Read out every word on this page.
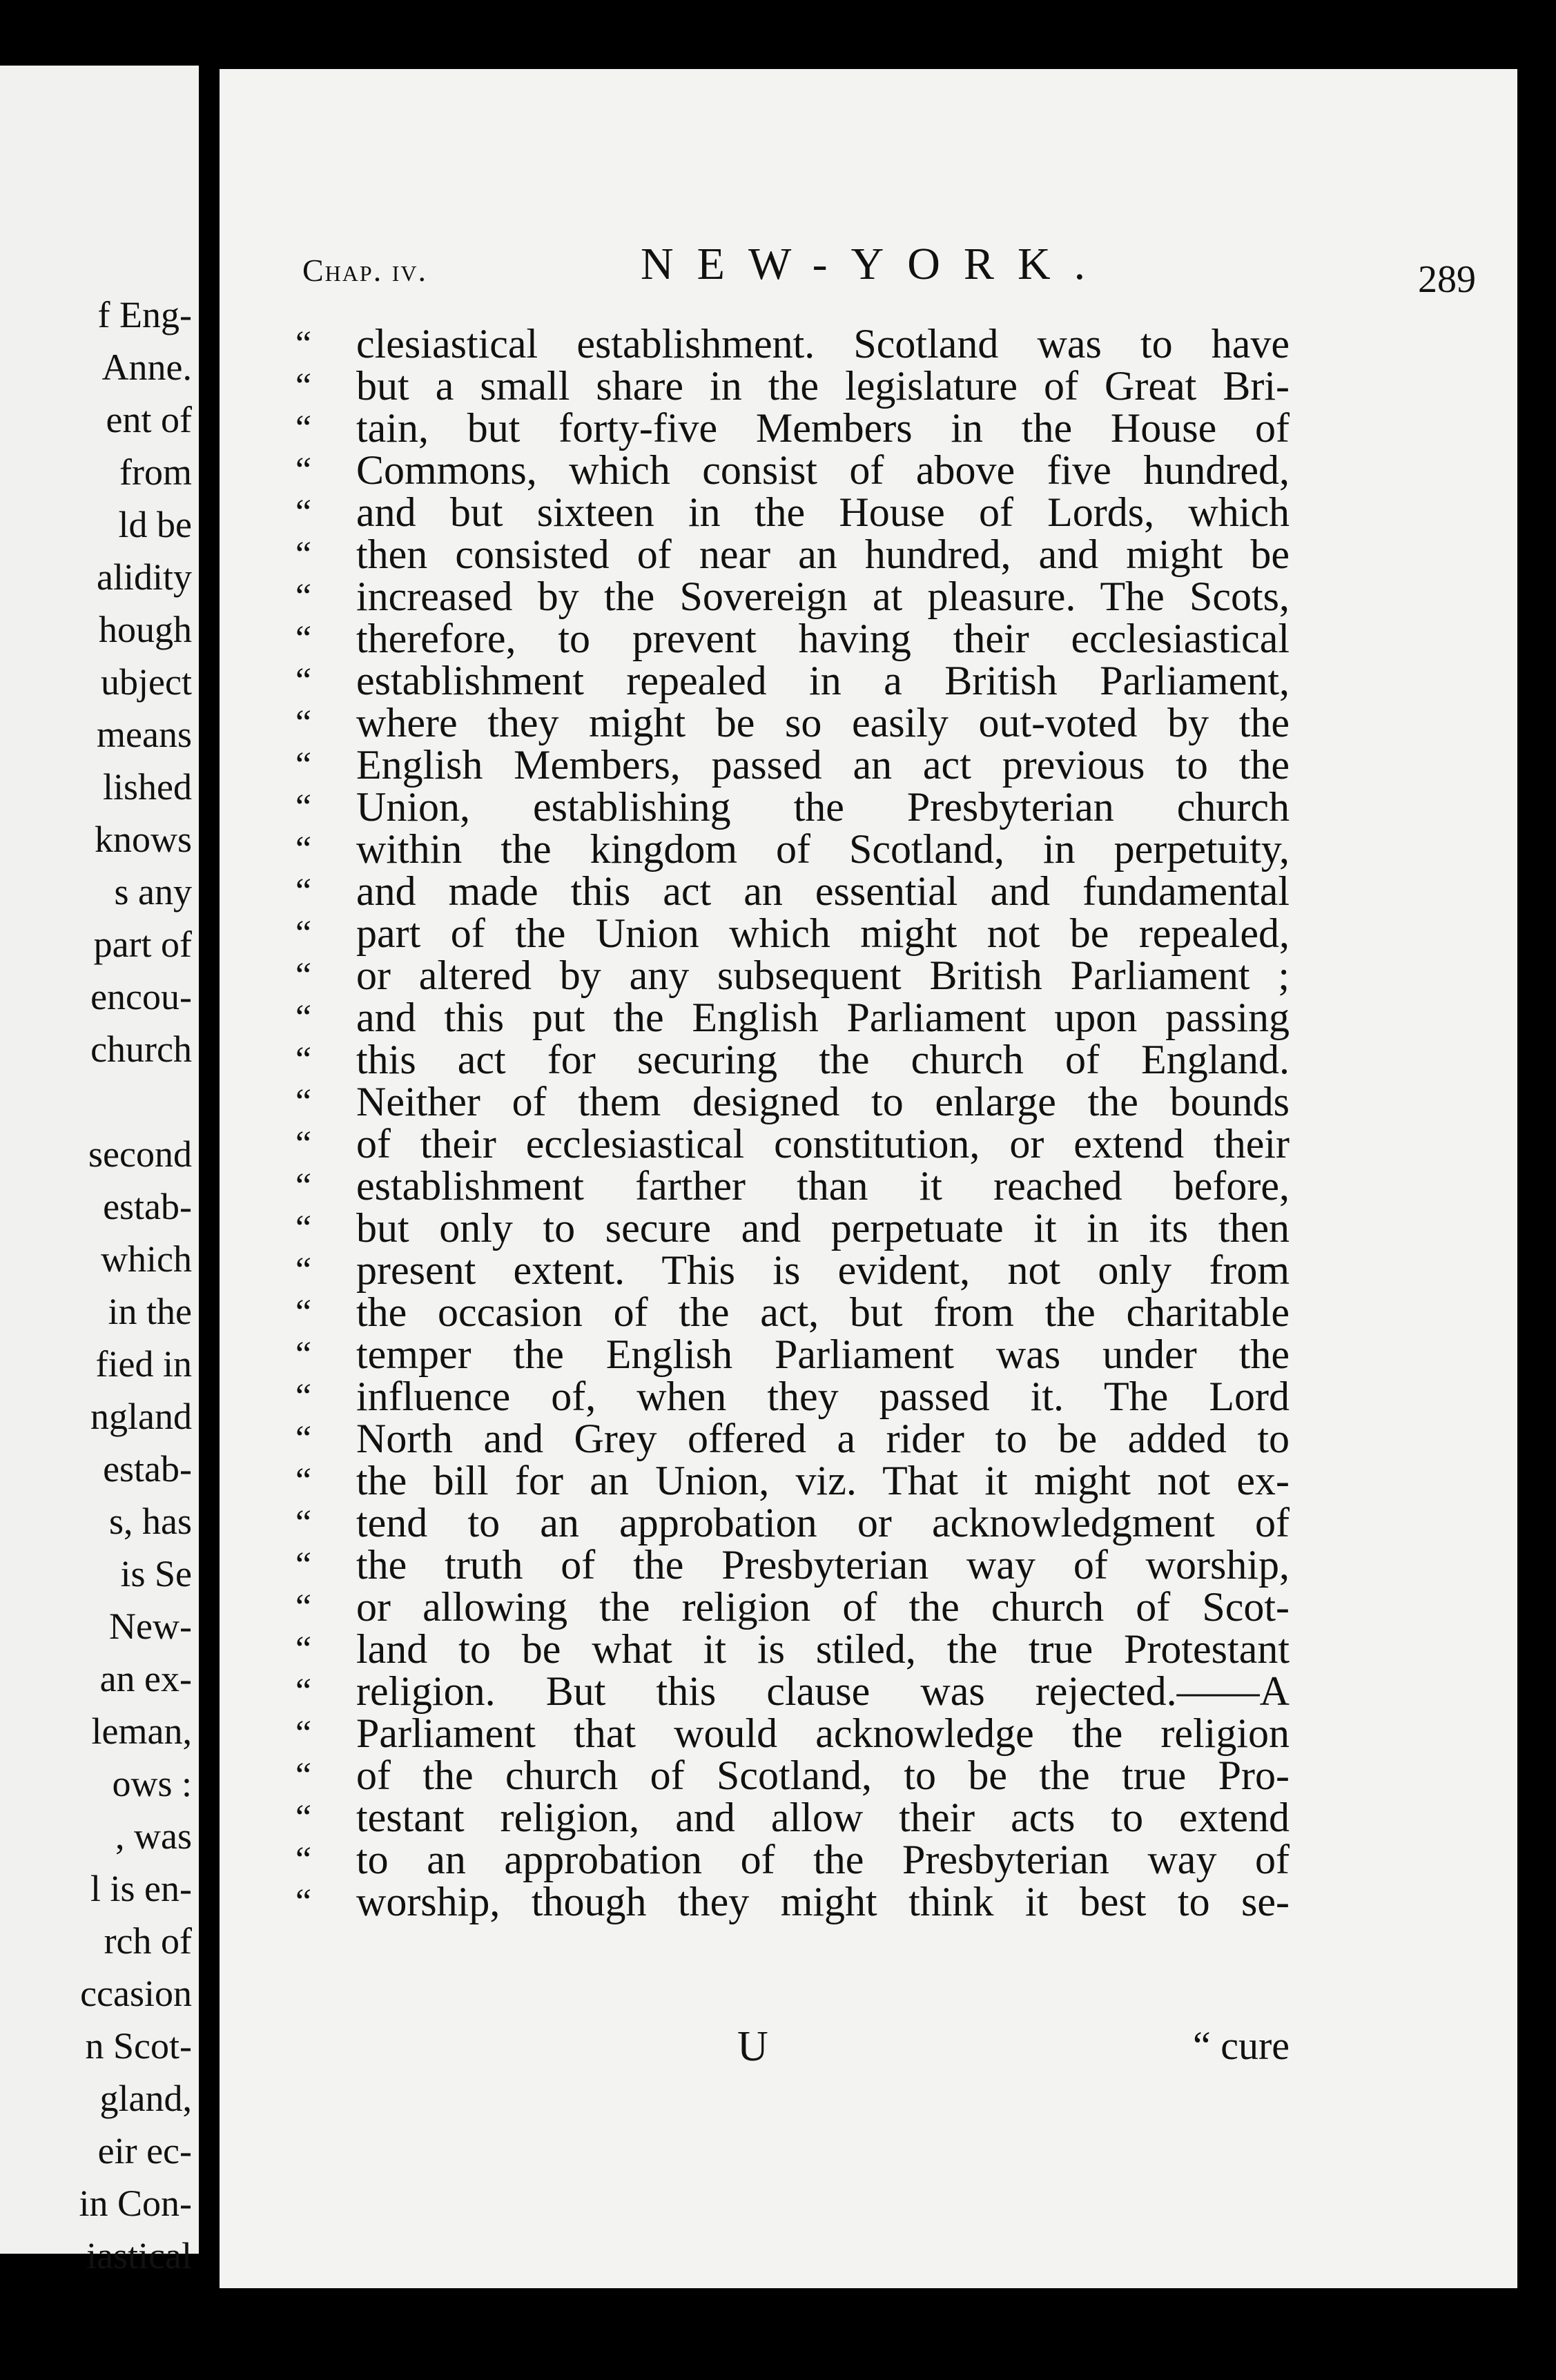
f Eng-
Anne.
ent of
from
ld be
alidity
hough
ubject
means
lished
knows
s any
part of
encou-
church
second
estab-
which
in the
fied in
ngland
estab-
s, has
is Se
New-
an ex-
leman,
ows :
, was
l is en-
rch of
ccasion
n Scot-
gland,
eir ec-
in Con-
iastical
Chap. iv.	NEW-YORK.	289
“	clesiastical establishment. Scotland was to have
“	but a small share in the legislature of Great Bri-
“	tain, but forty-five Members in the House of
“	Commons, which consist of above five hundred,
“	and but sixteen in the House of Lords, which
“	then consisted of near an hundred, and might be
“	increased by the Sovereign at pleasure. The Scots,
“	therefore, to prevent having their ecclesiastical
“	establishment repealed in a British Parliament,
“	where they might be so easily out-voted by the
“	English Members, passed an act previous to the
“	Union, establishing the Presbyterian church
“	within the kingdom of Scotland, in perpetuity,
“	and made this act an essential and fundamental
“	part of the Union which might not be repealed,
“	or altered by any subsequent British Parliament ;
“	and this put the English Parliament upon passing
“	this act for securing the church of England.
“	Neither of them designed to enlarge the bounds
“	of their ecclesiastical constitution, or extend their
“	establishment farther than it reached before,
“	but only to secure and perpetuate it in its then
“	present extent. This is evident, not only from
“	the occasion of the act, but from the charitable
“	temper the English Parliament was under the
“	influence of, when they passed it. The Lord
“	North and Grey offered a rider to be added to
“	the bill for an Union, viz. That it might not ex-
“	tend to an approbation or acknowledgment of
“	the truth of the Presbyterian way of worship,
“	or allowing the religion of the church of Scot-
“	land to be what it is stiled, the true Protestant
“	religion. But this clause was rejected.——A
“	Parliament that would acknowledge the religion
“	of the church of Scotland, to be the true Pro-
“	testant religion, and allow their acts to extend
“	to an approbation of the Presbyterian way of
“	worship, though they might think it best to se-
U	“ cure
